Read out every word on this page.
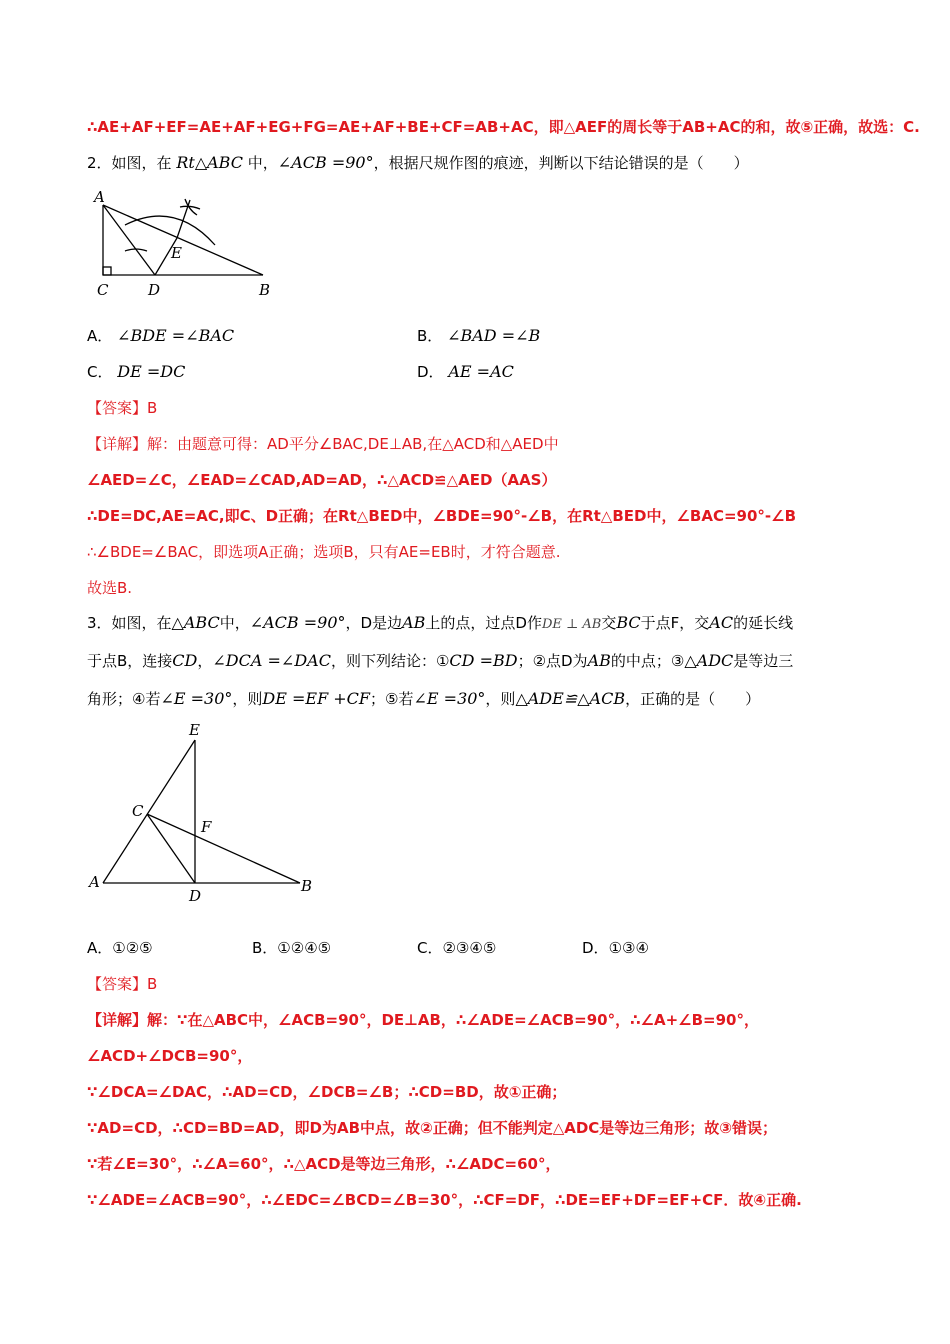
∴AE+AF+EF=AE+AF+EG+FG=AE+AF+BE+CF=AB+AC，即△AEF的周长等于AB+AC的和，故⑤正确，故选：C.
2．如图，在 Rt△ABC 中，∠ACB =90°，根据尺规作图的痕迹，判断以下结论错误的是（　　）
A
C	D	B
E
A． ∠BDE =∠BAC	B． ∠BAD =∠B
C． DE =DC	D． AE =AC
【答案】B
【详解】解：由题意可得：AD平分∠BAC,DE⊥AB,在△ACD和△AED中
∠AED=∠C，∠EAD=∠CAD,AD=AD，∴△ACD≌△AED（AAS）
∴DE=DC,AE=AC,即C、D正确；在Rt△BED中，∠BDE=90°-∠B，在Rt△BED中，∠BAC=90°-∠B
∴∠BDE=∠BAC，即选项A正确；选项B，只有AE=EB时，才符合题意.
故选B.
3．如图，在△ABC中，∠ACB =90°，D是边AB上的点，过点D作DE ⊥ AB交BC于点F，交AC的延长线
于点B，连接CD，∠DCA =∠DAC，则下列结论：①CD =BD；②点D为AB的中点；③△ADC是等边三
角形；④若∠E =30°，则DE =EF +CF；⑤若∠E =30°，则△ADE≌△ACB，正确的是（　　）
E
C
F
A
D
B
A．①②⑤	B．①②④⑤	C．②③④⑤	D．①③④
【答案】B
【详解】解：∵在△ABC中，∠ACB=90°，DE⊥AB，∴∠ADE=∠ACB=90°，∴∠A+∠B=90°，
∠ACD+∠DCB=90°，
∵∠DCA=∠DAC，∴AD=CD，∠DCB=∠B；∴CD=BD，故①正确；
∵AD=CD，∴CD=BD=AD，即D为AB中点，故②正确；但不能判定△ADC是等边三角形；故③错误；
∵若∠E=30°，∴∠A=60°，∴△ACD是等边三角形，∴∠ADC=60°，
∵∠ADE=∠ACB=90°，∴∠EDC=∠BCD=∠B=30°，∴CF=DF，∴DE=EF+DF=EF+CF．故④正确.
